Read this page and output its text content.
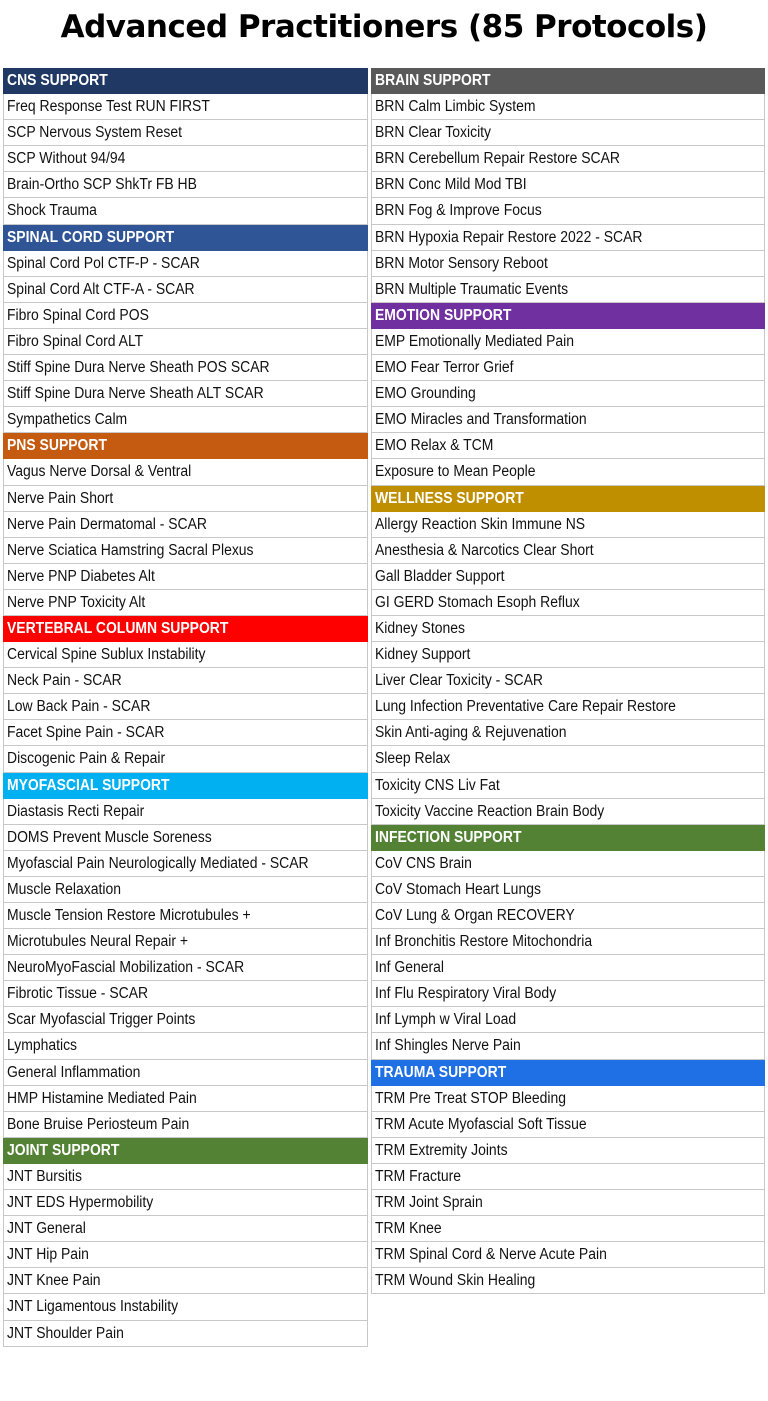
Advanced Practitioners (85 Protocols)
CNS SUPPORT
Freq Response Test RUN FIRST
SCP Nervous System Reset
SCP Without 94/94
Brain-Ortho SCP ShkTr FB HB
Shock Trauma
SPINAL CORD SUPPORT
Spinal Cord Pol CTF-P - SCAR
Spinal Cord Alt CTF-A - SCAR
Fibro Spinal Cord POS
Fibro Spinal Cord ALT
Stiff Spine Dura Nerve Sheath POS SCAR
Stiff Spine Dura Nerve Sheath ALT SCAR
Sympathetics Calm
PNS SUPPORT
Vagus Nerve Dorsal & Ventral
Nerve Pain Short
Nerve Pain Dermatomal - SCAR
Nerve Sciatica Hamstring Sacral Plexus
Nerve PNP Diabetes Alt
Nerve PNP Toxicity Alt
VERTEBRAL COLUMN SUPPORT
Cervical Spine Sublux Instability
Neck Pain - SCAR
Low Back Pain - SCAR
Facet Spine Pain - SCAR
Discogenic Pain & Repair
MYOFASCIAL SUPPORT
Diastasis Recti Repair
DOMS Prevent Muscle Soreness
Myofascial Pain Neurologically Mediated - SCAR
Muscle Relaxation
Muscle Tension Restore Microtubules +
Microtubules Neural Repair +
NeuroMyoFascial Mobilization - SCAR
Fibrotic Tissue - SCAR
Scar Myofascial Trigger Points
Lymphatics
General Inflammation
HMP Histamine Mediated Pain
Bone Bruise Periosteum Pain
JOINT SUPPORT
JNT Bursitis
JNT EDS Hypermobility
JNT General
JNT Hip Pain
JNT Knee Pain
JNT Ligamentous Instability
JNT Shoulder Pain
BRAIN SUPPORT
BRN Calm Limbic System
BRN Clear Toxicity
BRN Cerebellum Repair Restore SCAR
BRN Conc Mild Mod TBI
BRN Fog & Improve Focus
BRN Hypoxia Repair Restore 2022 - SCAR
BRN Motor Sensory Reboot
BRN Multiple Traumatic Events
EMOTION SUPPORT
EMP Emotionally Mediated Pain
EMO Fear Terror Grief
EMO Grounding
EMO Miracles and Transformation
EMO Relax & TCM
Exposure to Mean People
WELLNESS SUPPORT
Allergy Reaction Skin Immune NS
Anesthesia & Narcotics Clear Short
Gall Bladder Support
GI GERD Stomach Esoph Reflux
Kidney Stones
Kidney Support
Liver Clear Toxicity - SCAR
Lung Infection Preventative Care Repair Restore
Skin Anti-aging & Rejuvenation
Sleep Relax
Toxicity CNS Liv Fat
Toxicity Vaccine Reaction Brain Body
INFECTION SUPPORT
CoV CNS Brain
CoV Stomach Heart Lungs
CoV Lung & Organ RECOVERY
Inf Bronchitis Restore Mitochondria
Inf General
Inf Flu Respiratory Viral Body
Inf Lymph w Viral Load
Inf Shingles Nerve Pain
TRAUMA SUPPORT
TRM Pre Treat STOP Bleeding
TRM Acute Myofascial Soft Tissue
TRM Extremity Joints
TRM Fracture
TRM Joint Sprain
TRM Knee
TRM Spinal Cord & Nerve Acute Pain
TRM Wound Skin Healing
